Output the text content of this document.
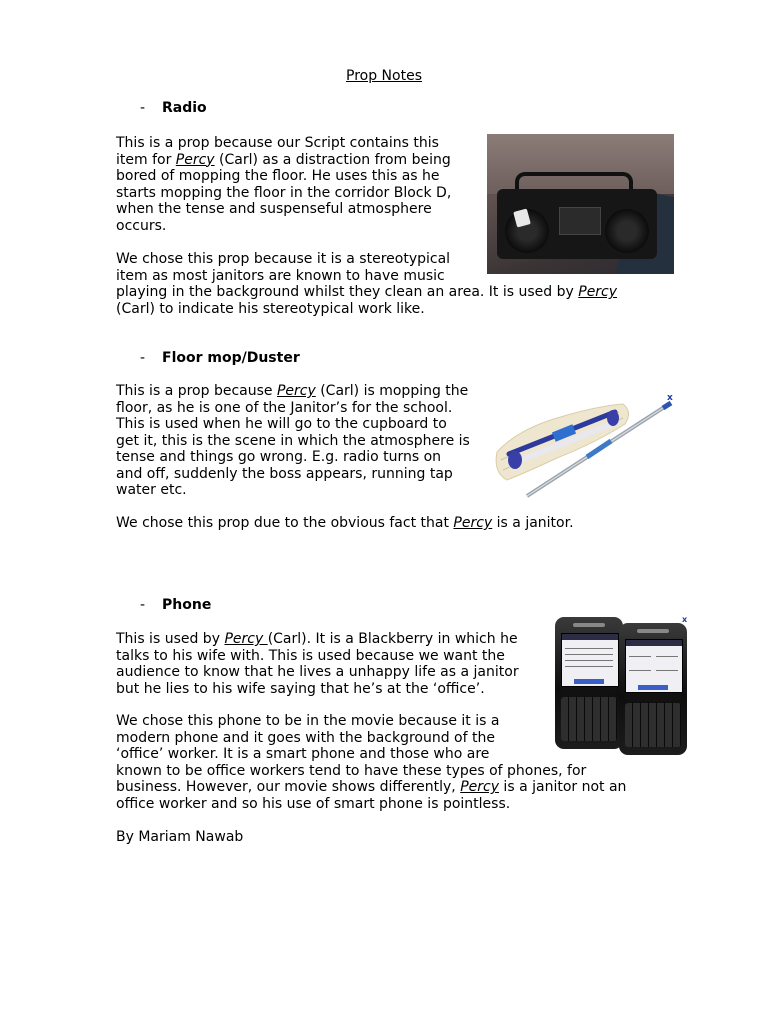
Prop Notes
- Radio

This is a prop because our Script contains this
item for Percy (Carl) as a distraction from being
bored of mopping the floor. He uses this as he
starts mopping the floor in the corridor Block D,
when the tense and suspenseful atmosphere
occurs.

We chose this prop because it is a stereotypical
item as most janitors are known to have music
playing in the background whilst they clean an area. It is used by Percy
(Carl) to indicate his stereotypical work like.

- Floor mop/Duster

This is a prop because Percy (Carl) is mopping the
floor, as he is one of the Janitor’s for the school.
This is used when he will go to the cupboard to
get it, this is the scene in which the atmosphere is
tense and things go wrong. E.g. radio turns on
and off, suddenly the boss appears, running tap
water etc.

We chose this prop due to the obvious fact that Percy is a janitor.

x
- Phone

This is used by Percy (Carl). It is a Blackberry in which he
talks to his wife with. This is used because we want the
audience to know that he lives a unhappy life as a janitor
but he lies to his wife saying that he’s at the ‘office’.

We chose this phone to be in the movie because it is a
modern phone and it goes with the background of the
‘office’ worker. It is a smart phone and those who are
known to be office workers tend to have these types of phones, for
business. However, our movie shows differently, Percy is a janitor not an
office worker and so his use of smart phone is pointless.

x

By Mariam Nawab
